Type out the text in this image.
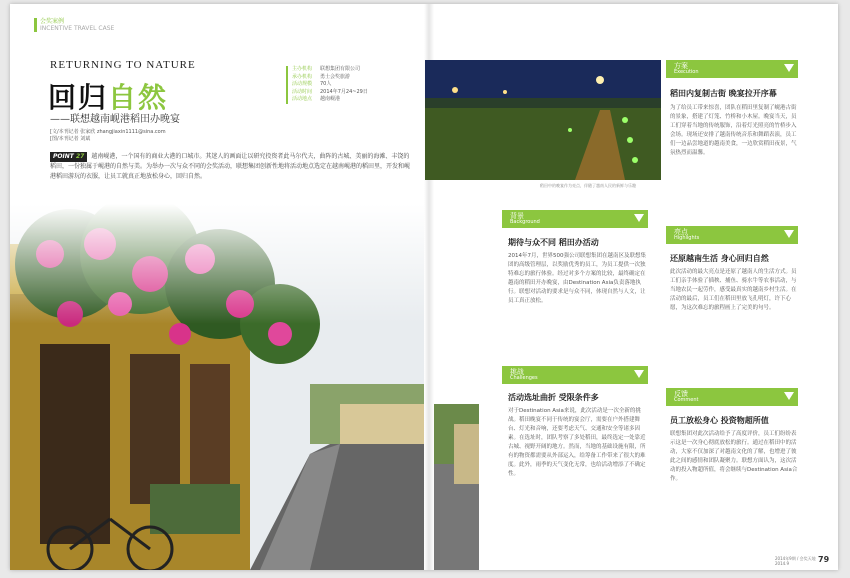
会奖案例
INCENTIVE TRAVEL CASE
RETURNING TO NATURE
回归自然
——联想越南岘港稻田办晚宴
[文/本刊记者 张家欣 zhangjiaxin1111@sina.com
[图/本刊记者 刘斌
主办机构 联想集团有限公司
承办机构 勇士会奖旅游
活动规模 70人
活动时间 2014年7月24~29日
活动地点 越南岘港
POINT 27 越南岘港，一个国有的商业大港的口城市。其迷人的画面让以研究投资者此马尔代夫，曲阵的古城、美丽的海滩、丰饶的稻田，一份独属于岘港的自然与美。为举办一次与众不同的会奖活动，联想集团创新性地将活动地点选定在越南岘港的稻田里，开发和岘港稻田游玩的衣服，让员工就真正地放松身心，回归自然。
稻田中的晚宴作为亮点，伴随了越南人民的新鲜与乐趣
背景
Background
期待与众不同 稻田办活动
2014年7月，世界500强公司联想集团在越南区及联想集团的高级管理层，以奖励优秀的员工，为员工提供一次独特难忘的旅行体验。经过对多个方案的比较，最终确定在越南的稻田开办晚宴，由Destination Asia负责落地执行。联想对活动的要求是与众不同，体现自然与人文，让员工真正放松。
挑战
Challenges
活动选址曲折 受限条件多
对于Destination Asia来说，此次活动是一次全新的挑战。稻田晚宴不同于传统的宴会厅，需要在户外搭建舞台、灯光和音响，还要考虑天气、交通和安全等诸多因素。在选址时，团队考察了多处稻田，最终选定一处靠近古城、视野开阔的地方。然而，当地的基础设施有限，所有的物资都需要从外部运入，给筹备工作带来了很大的难度。此外，雨季的天气变化无常，也给活动增添了不确定性。
方案
Execution
稻田内复制古街 晚宴拉开序幕
为了给员工带来惊喜，团队在稻田里复制了岘港古街的景象，搭建了灯笼、竹桥和小木屋。晚宴当天，员工们穿着当地的传统服饰，沿着灯光照亮的竹桥步入会场。现场还安排了越南传统音乐和舞蹈表演，员工们一边品尝地道的越南美食，一边欣赏稻田夜景，气氛热烈而温馨。
亮点
Highlights
还原越南生活 身心回归自然
此次活动的最大亮点是还原了越南人的生活方式。员工们亲手体验了插秧、捕鱼、骑水牛等农事活动，与当地农民一起劳作，感受最真实的越南乡村生活。在活动的最后，员工们在稻田里放飞孔明灯，许下心愿，为这次难忘的旅程画上了完美的句号。
反馈
Comment
员工放松身心 投资物超所值
联想集团对此次活动给予了高度评价，员工们纷纷表示这是一次身心彻底放松的旅行。通过在稻田中的活动，大家不仅加深了对越南文化的了解，也增进了彼此之间的感情和团队凝聚力。联想方面认为，这次活动的投入物超所值，将会继续与Destination Asia合作。
2014年9期 / 会奖天地
2014.9	79
